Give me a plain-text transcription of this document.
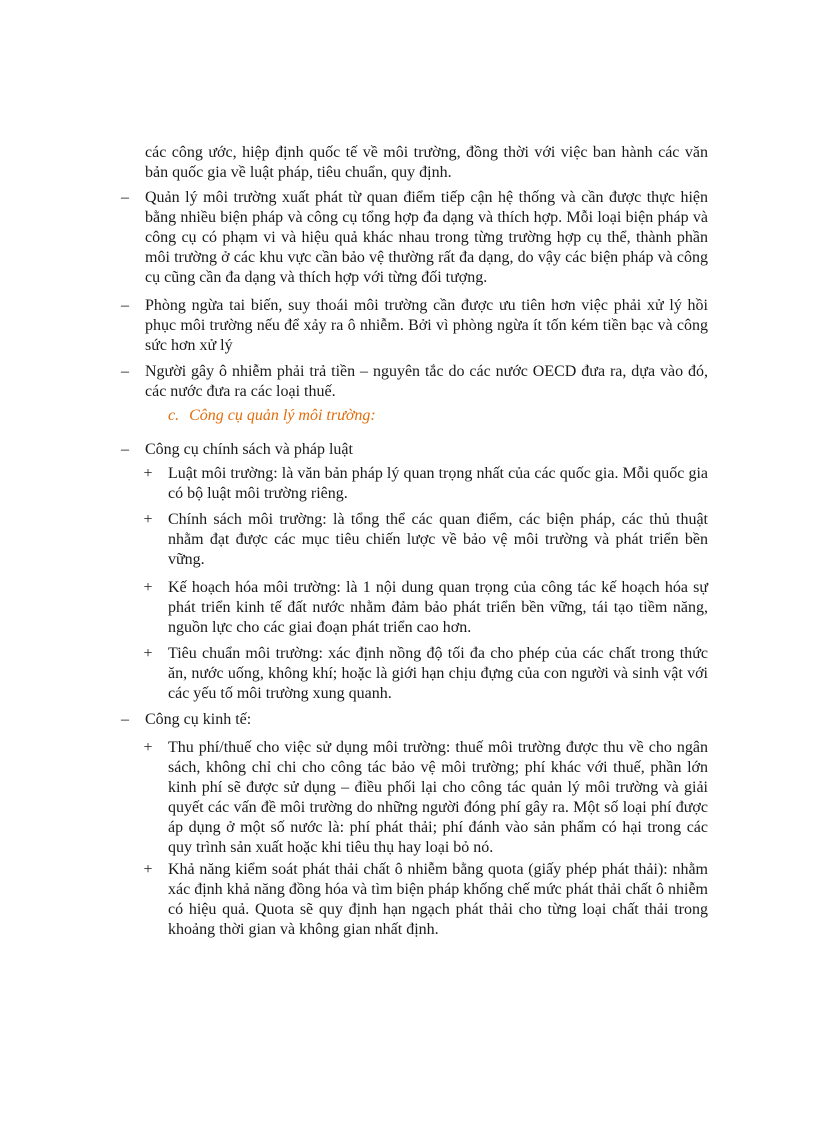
các công ước, hiệp định quốc tế về môi trường, đồng thời với việc ban hành các văn bản quốc gia về luật pháp, tiêu chuẩn, quy định.

– Quản lý môi trường xuất phát từ quan điểm tiếp cận hệ thống và cần được thực hiện bằng nhiều biện pháp và công cụ tổng hợp đa dạng và thích hợp. Mỗi loại biện pháp và công cụ có phạm vi và hiệu quả khác nhau trong từng trường hợp cụ thể, thành phần môi trường ở các khu vực cần bảo vệ thường rất đa dạng, do vậy các biện pháp và công cụ cũng cần đa dạng và thích hợp với từng đối tượng.

– Phòng ngừa tai biến, suy thoái môi trường cần được ưu tiên hơn việc phải xử lý hồi phục môi trường nếu để xảy ra ô nhiễm. Bởi vì phòng ngừa ít tốn kém tiền bạc và công sức hơn xử lý

– Người gây ô nhiễm phải trả tiền – nguyên tắc do các nước OECD đưa ra, dựa vào đó, các nước đưa ra các loại thuế.

c. Công cụ quản lý môi trường:
– Công cụ chính sách và pháp luật

+ Luật môi trường: là văn bản pháp lý quan trọng nhất của các quốc gia. Mỗi quốc gia có bộ luật môi trường riêng.

+ Chính sách môi trường: là tổng thể các quan điểm, các biện pháp, các thủ thuật nhằm đạt được các mục tiêu chiến lược về bảo vệ môi trường và phát triển bền vững.

+ Kế hoạch hóa môi trường: là 1 nội dung quan trọng của công tác kế hoạch hóa sự phát triển kinh tế đất nước nhằm đảm bảo phát triển bền vững, tái tạo tiềm năng, nguồn lực cho các giai đoạn phát triển cao hơn.

+ Tiêu chuẩn môi trường: xác định nồng độ tối đa cho phép của các chất trong thức ăn, nước uống, không khí; hoặc là giới hạn chịu đựng của con người và sinh vật với các yếu tố môi trường xung quanh.

– Công cụ kinh tế:

+ Thu phí/thuế cho việc sử dụng môi trường: thuế môi trường được thu về cho ngân sách, không chỉ chi cho công tác bảo vệ môi trường; phí khác với thuế, phần lớn kinh phí sẽ được sử dụng – điều phối lại cho công tác quản lý môi trường và giải quyết các vấn đề môi trường do những người đóng phí gây ra. Một số loại phí được áp dụng ở một số nước là: phí phát thải; phí đánh vào sản phẩm có hại trong các quy trình sản xuất hoặc khi tiêu thụ hay loại bỏ nó.

+ Khả năng kiểm soát phát thải chất ô nhiễm bằng quota (giấy phép phát thải): nhằm xác định khả năng đồng hóa và tìm biện pháp khống chế mức phát thải chất ô nhiễm có hiệu quả. Quota sẽ quy định hạn ngạch phát thải cho từng loại chất thải trong khoảng thời gian và không gian nhất định.
